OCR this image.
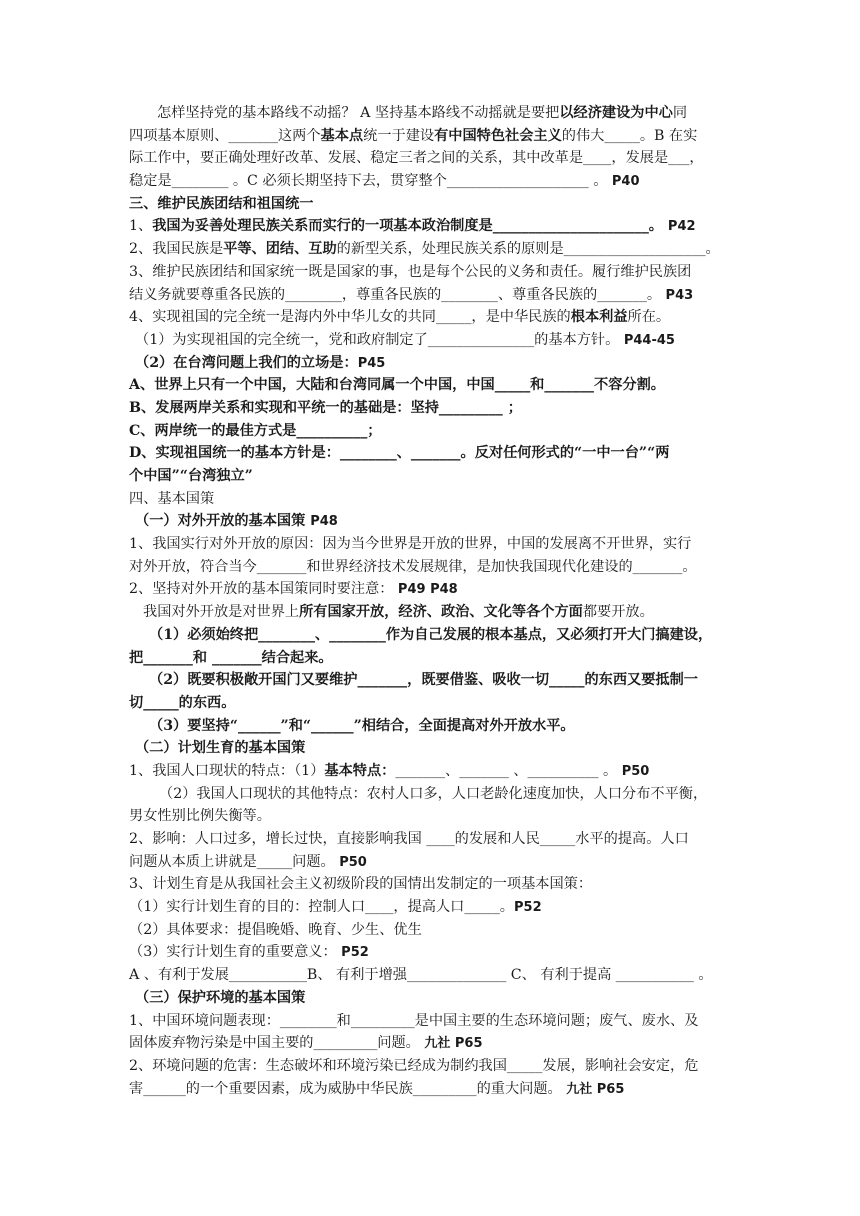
怎样坚持党的基本路线不动摇？ A 坚持基本路线不动摇就是要把以经济建设为中心同
四项基本原则、_______这两个基本点统一于建设有中国特色社会主义的伟大_____。B 在实
际工作中，要正确处理好改革、发展、稳定三者之间的关系，其中改革是____，发展是___，
稳定是________ 。C 必须长期坚持下去，贯穿整个____________________ 。 P40
三、维护民族团结和祖国统一
1、我国为妥善处理民族关系而实行的一项基本政治制度是______________________。 P42
2、我国民族是平等、团结、互助的新型关系，处理民族关系的原则是____________________。
3、维护民族团结和国家统一既是国家的事，也是每个公民的义务和责任。履行维护民族团
结义务就要尊重各民族的________，尊重各民族的________、尊重各民族的_______。 P43
4、实现祖国的完全统一是海内外中华儿女的共同_____，是中华民族的根本利益所在。
（1）为实现祖国的完全统一，党和政府制定了_______________的基本方针。 P44-45
（2）在台湾问题上我们的立场是：P45
A、世界上只有一个中国，大陆和台湾同属一个中国，中国_____和_______不容分割。
B、发展两岸关系和实现和平统一的基础是：坚持_________ ；
C、两岸统一的最佳方式是__________；
D、实现祖国统一的基本方针是：________、_______。反对任何形式的“一中一台”“两
个中国”“台湾独立”
四、基本国策
（一）对外开放的基本国策 P48
1、我国实行对外开放的原因：因为当今世界是开放的世界，中国的发展离不开世界，实行
对外开放，符合当今_______和世界经济技术发展规律，是加快我国现代化建设的_______。
2、坚持对外开放的基本国策同时要注意： P49 P48
我国对外开放是对世界上所有国家开放，经济、政治、文化等各个方面都要开放。
（1）必须始终把________、________作为自己发展的根本基点，又必须打开大门搞建设，
把_______和 _______结合起来。
（2）既要积极敞开国门又要维护_______，既要借鉴、吸收一切_____的东西又要抵制一
切_____的东西。
（3）要坚持“______”和“______”相结合，全面提高对外开放水平。
（二）计划生育的基本国策
1、我国人口现状的特点：（1）基本特点：_______、_______ 、__________ 。 P50
（2）我国人口现状的其他特点：农村人口多，人口老龄化速度加快，人口分布不平衡，
男女性别比例失衡等。
2、影响：人口过多，增长过快，直接影响我国 ____的发展和人民_____水平的提高。人口
问题从本质上讲就是_____问题。 P50
3、计划生育是从我国社会主义初级阶段的国情出发制定的一项基本国策：
（1）实行计划生育的目的：控制人口____，提高人口_____。P52
（2）具体要求：提倡晚婚、晚育、少生、优生
（3）实行计划生育的重要意义： P52
A 、有利于发展___________B、 有利于增强______________ C、 有利于提高 ___________ 。
（三）保护环境的基本国策
1、中国环境问题表现：________和_________是中国主要的生态环境问题；废气、废水、及
固体废弃物污染是中国主要的_________问题。 九社 P65
2、环境问题的危害：生态破坏和环境污染已经成为制约我国_____发展，影响社会安定，危
害______的一个重要因素，成为威胁中华民族_________的重大问题。 九社 P65
